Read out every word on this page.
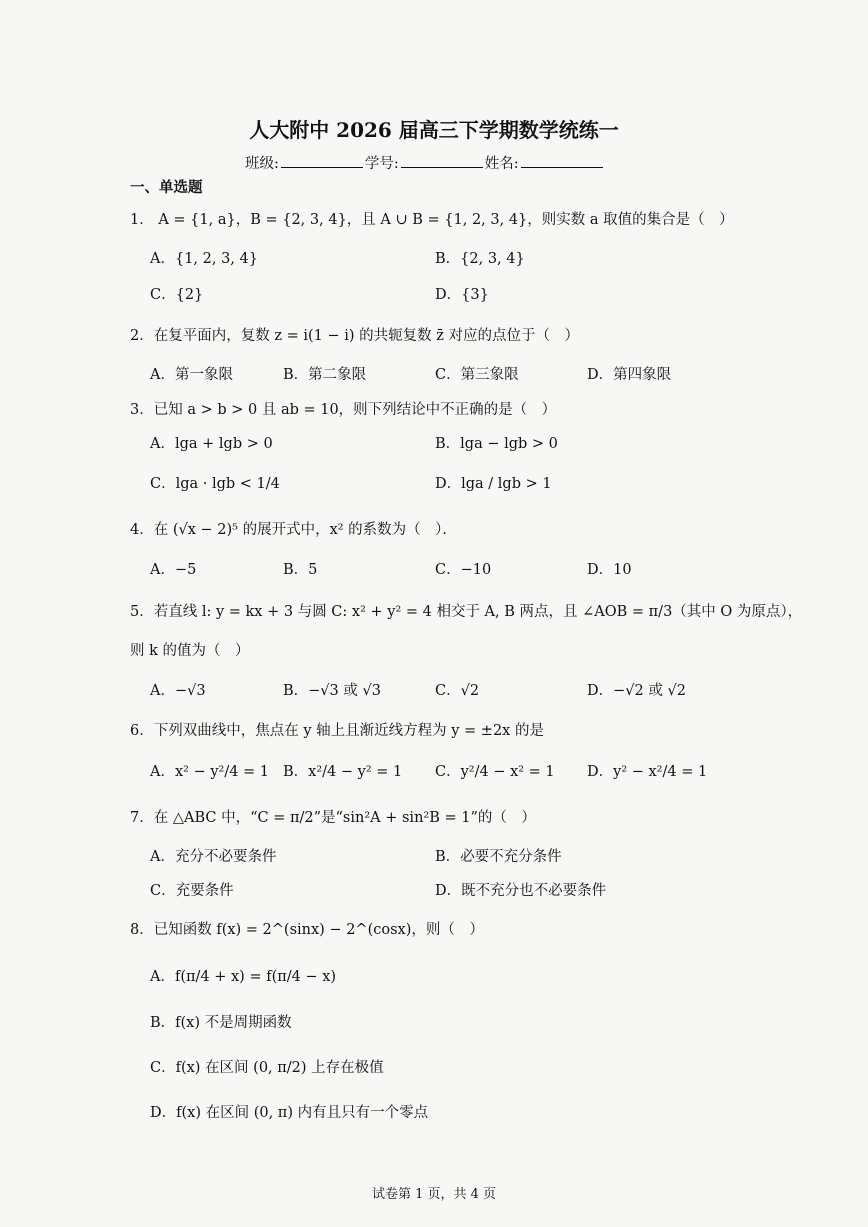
人大附中 2026 届高三下学期数学统练一
班级:	学号:	姓名:
一、单选题
1． A = {1, a}，B = {2, 3, 4}，且 A ∪ B = {1, 2, 3, 4}，则实数 a 取值的集合是（　）
A．{1, 2, 3, 4}	B．{2, 3, 4}
C．{2}	D．{3}
2．在复平面内，复数 z = i(1 − i) 的共轭复数 z̄ 对应的点位于（　）
A．第一象限	B．第二象限	C．第三象限	D．第四象限
3．已知 a > b > 0 且 ab = 10，则下列结论中不正确的是（　）
A．lga + lgb > 0	B．lga − lgb > 0
C．lga · lgb < 1/4	D．lga / lgb > 1
4．在 (√x − 2)⁵ 的展开式中，x² 的系数为（　）．
A．−5	B．5	C．−10	D．10
5．若直线 l: y = kx + 3 与圆 C: x² + y² = 4 相交于 A, B 两点，且 ∠AOB = π/3（其中 O 为原点），
则 k 的值为（　）
A．−√3	B．−√3 或 √3	C．√2	D．−√2 或 √2
6．下列双曲线中，焦点在 y 轴上且渐近线方程为 y = ±2x 的是
A．x² − y²/4 = 1 B．x²/4 − y² = 1 C．y²/4 − x² = 1 D．y² − x²/4 = 1
7．在 △ABC 中，“C = π/2”是“sin²A + sin²B = 1”的（　）
A．充分不必要条件	B．必要不充分条件
C．充要条件	D．既不充分也不必要条件
8．已知函数 f(x) = 2^(sinx) − 2^(cosx)，则（　）
A．f(π/4 + x) = f(π/4 − x)
B．f(x) 不是周期函数
C．f(x) 在区间 (0, π/2) 上存在极值
D．f(x) 在区间 (0, π) 内有且只有一个零点
试卷第 1 页，共 4 页
